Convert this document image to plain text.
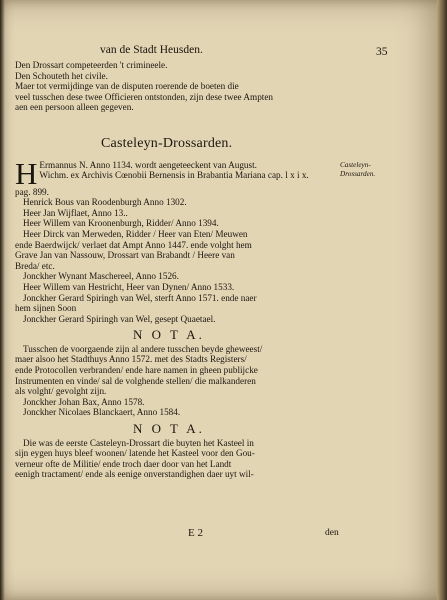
van de Stadt Heusden.	35
Casteleyn-
Drossarden.

Den Drossart competeerden 't crimineele.

Den Schouteth het civile.

Maer tot vermijdinge van de disputen roerende de boeten die

veel tusschen dese twee Officieren ontstonden, zijn dese twee Ampten

aen een persoon alleen gegeven.

Casteleyn-Drossarden.
H Ermannus N. Anno 1134. wordt aengeteeckent van August.

Wichm. ex Archivis Cœnobii Bernensis in Brabantia Mariana cap. l x i x.

pag. 899.

Henrick Bous van Roodenburgh Anno 1302.

Heer Jan Wijflaet, Anno 13..

Heer Willem van Kroonenburgh, Ridder/ Anno 1394.

Heer Dirck van Merweden, Ridder / Heer van Eten/ Meuwen

ende Baerdwijck/ verlaet dat Ampt Anno 1447. ende volght hem

Grave Jan van Nassouw, Drossart van Brabandt / Heere van

Breda/ etc.

Jonckher Wynant Maschereel, Anno 1526.

Heer Willem van Hestricht, Heer van Dynen/ Anno 1533.

Jonckher Gerard Spiringh van Wel, sterft Anno 1571. ende naer

hem sijnen Soon

Jonckher Gerard Spiringh van Wel, gesept Quaetael.

N O T A.

Tusschen de voorgaende zijn al andere tusschen beyde gheweest/

maer alsoo het Stadthuys Anno 1572. met des Stadts Registers/

ende Protocollen verbranden/ ende hare namen in gheen publijcke

Instrumenten en vinde/ sal de volghende stellen/ die malkanderen

als volght/ gevolght zijn.

Jonckher Johan Bax, Anno 1578.

Jonckher Nicolaes Blanckaert, Anno 1584.

N O T A.

Die was de eerste Casteleyn-Drossart die buyten het Kasteel in

sijn eygen huys bleef woonen/ latende het Kasteel voor den Gou-

verneur ofte de Militie/ ende troch daer door van het Landt

eenigh tractament/ ende als eenige onverstandighen daer uyt wil-

E 2	den
